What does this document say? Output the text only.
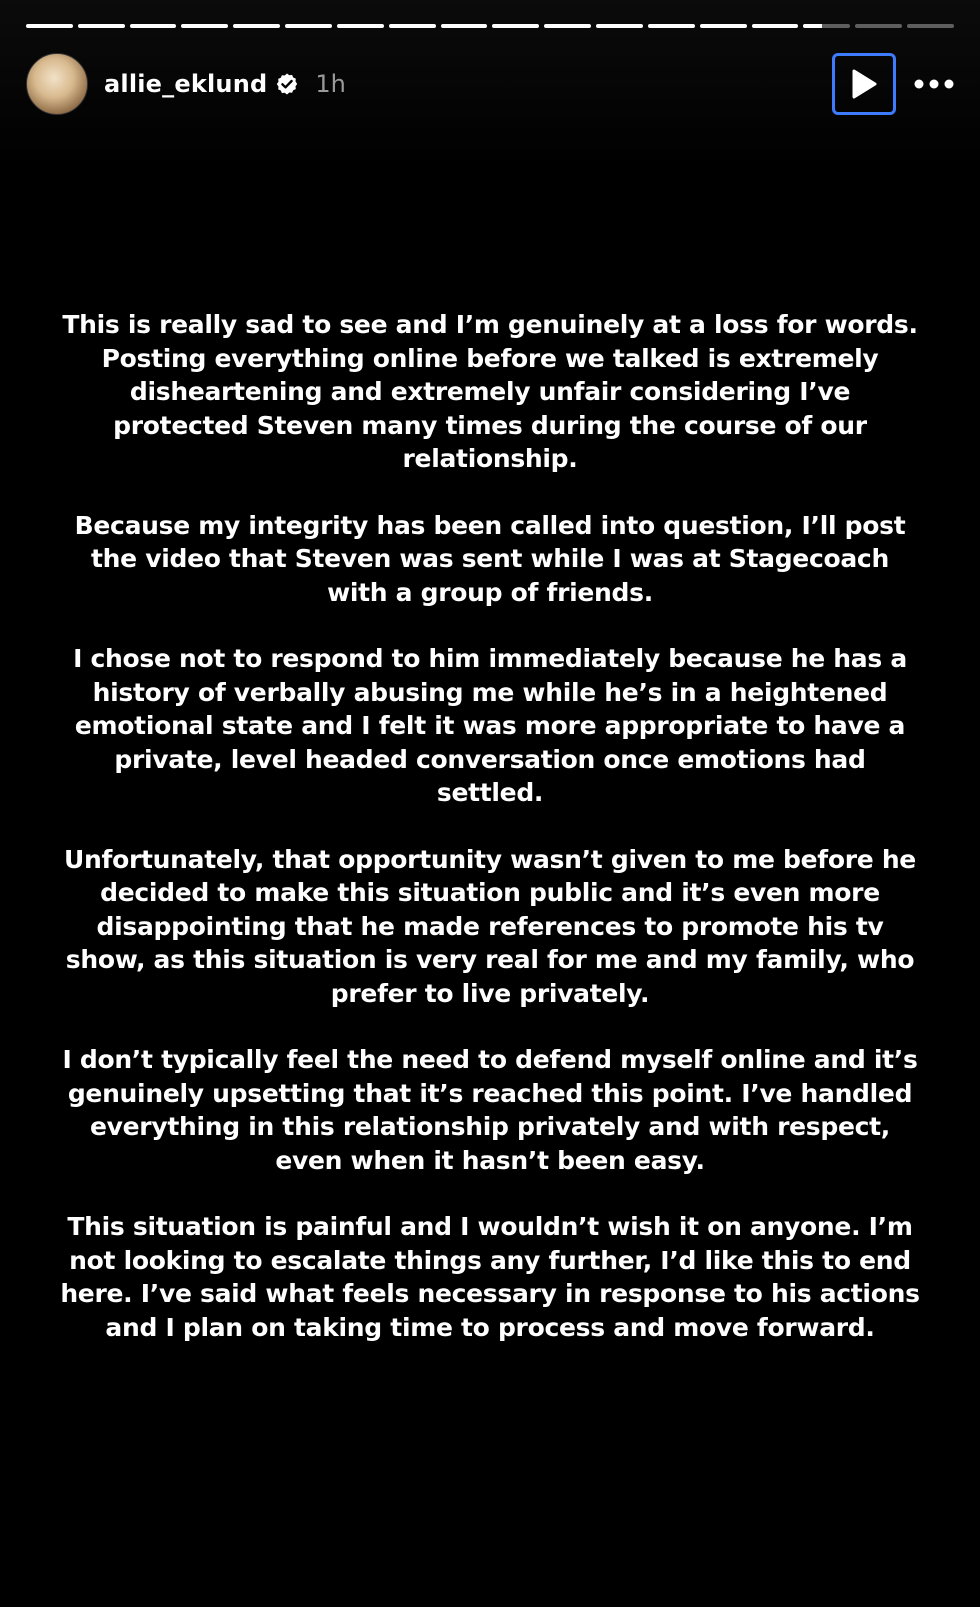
allie_eklund 1h

This is really sad to see and I’m genuinely at a loss for words. Posting everything online before we talked is extremely disheartening and extremely unfair considering I’ve protected Steven many times during the course of our relationship.

Because my integrity has been called into question, I’ll post the video that Steven was sent while I was at Stagecoach with a group of friends.

I chose not to respond to him immediately because he has a history of verbally abusing me while he’s in a heightened emotional state and I felt it was more appropriate to have a private, level headed conversation once emotions had settled.

Unfortunately, that opportunity wasn’t given to me before he decided to make this situation public and it’s even more disappointing that he made references to promote his tv show, as this situation is very real for me and my family, who prefer to live privately.

I don’t typically feel the need to defend myself online and it’s genuinely upsetting that it’s reached this point. I’ve handled everything in this relationship privately and with respect, even when it hasn’t been easy.

This situation is painful and I wouldn’t wish it on anyone. I’m not looking to escalate things any further, I’d like this to end here. I’ve said what feels necessary in response to his actions and I plan on taking time to process and move forward.
